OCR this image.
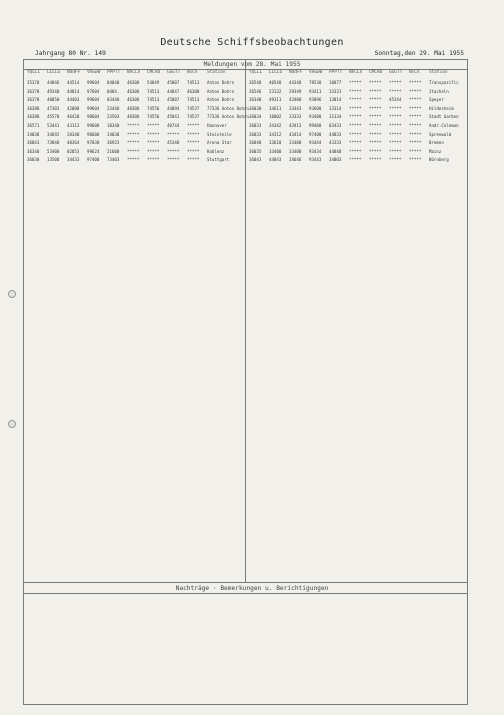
Deutsche Schiffsbeobachtungen
Jahrgang 80 Nr. 149	Sonntag,den 29. Mai 1955
Meldungen vom 28. Mai 1955
Nachträge · Bemerkungen u. Berichtigungen
YQLLL LLLLG NddFF VVwwW PPPTT NhCLh CMCHD GGGTT NsCh Station	YQLLL LLLLG NddFF VVwwW PPPTT NhCLh CMCHD GGGTT NsCh Station
35370 44046 44514 99604 04040 46300 54049 45007 74513 Anton Dohrn
36370 49340 44014 97604 0404. 46300 74513 44047 46300 Anton Dohrn
36370 40050 44403 99604 03440 46300 74513 45007 74513 Anton Dohrn
36380 47303 42000 99604 23440 40300 74556 44094 74537 77336 Anton Dohrn
36380 45570 46420 98604 23503 40300 74556 45041 74537 77336 Anton Dohrn
36571 53441 43113 99600 10340 ***** ***** 40744 ***** Hannover
34038 34692 20340 98600 34030 ***** ***** ***** ***** Steinteile
36043 73840 40364 97030 36923 ***** ***** 45340 ***** Arona Star
36340 53400 02053 99624 21600 ***** ***** ***** ***** Koblenz
36030 13500 34433 97400 73403 ***** ***** ***** ***** Stuttgart
36540 40540 44340 78530 10077 ***** ***** ***** ***** Transpazific
36546 23132 29349 93411 13331 ***** ***** ***** ***** Jtocheln
36340 49311 43400 93096 13014 ***** ***** 45344 ***** Speyer
36030 34611 33443 93600 13314 ***** ***** ***** ***** Hildesheim
36034 10002 33333 93400 11334 ***** ***** ***** ***** Stadt Garben
36033 34342 43413 99400 03433 ***** ***** ***** ***** Andr.Coleman
36033 34312 43414 97400 44033 ***** ***** ***** ***** Spreewald
36040 33610 33400 93444 43333 ***** ***** ***** ***** Bremen
36035 33400 33400 93434 44040 ***** ***** ***** ***** Mainz
36043 44043 34646 93443 34003 ***** ***** ***** ***** Nürnberg
